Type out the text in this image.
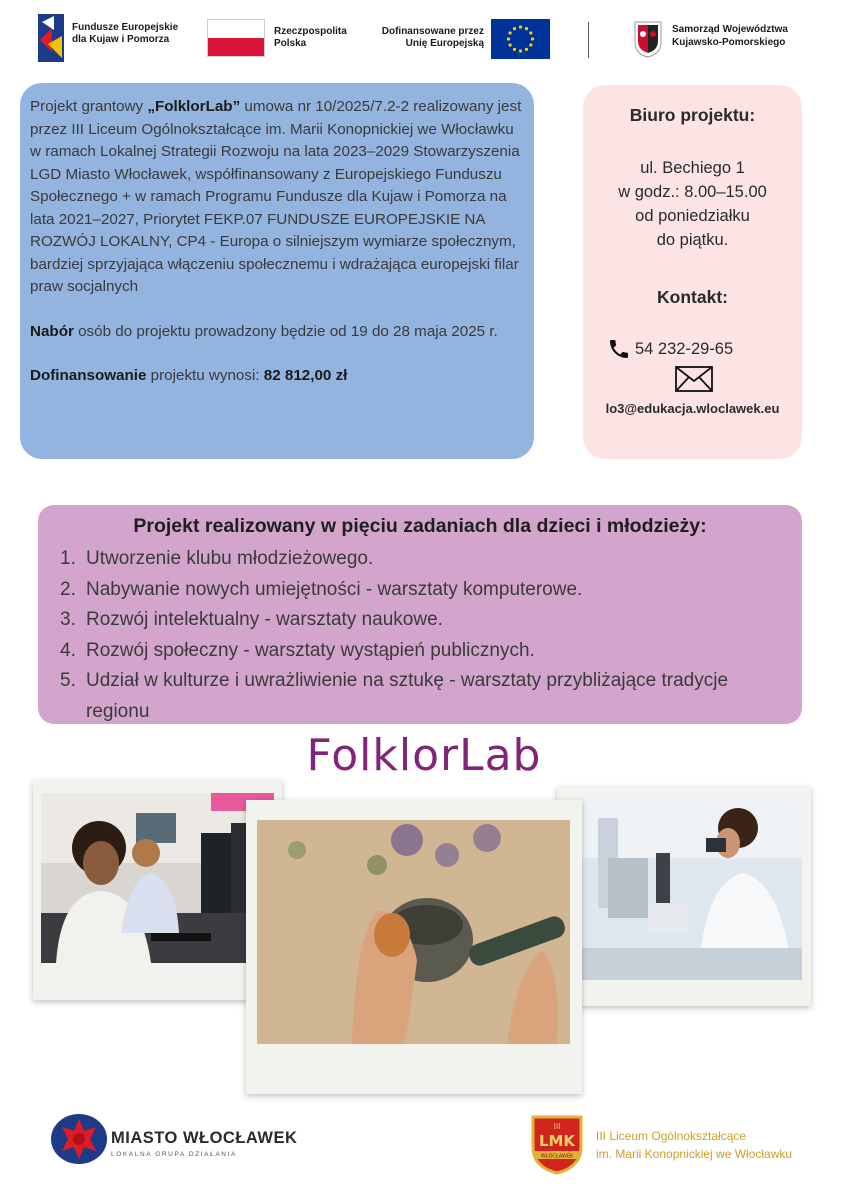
Fundusze Europejskie
dla Kujaw i Pomorza
Rzeczpospolita
Polska
Dofinansowane przez
Unię Europejską
Samorząd Województwa
Kujawsko-Pomorskiego

Projekt grantowy „FolklorLab” umowa nr 10/2025/7.2-2 realizowany jest przez III Liceum Ogólnokształcące im. Marii Konopnickiej we Włocławku w ramach Lokalnej Strategii Rozwoju na lata 2023–2029 Stowarzyszenia LGD Miasto Włocławek, współfinansowany z Europejskiego Funduszu Społecznego + w ramach Programu Fundusze dla Kujaw i Pomorza na lata 2021–2027, Priorytet FEKP.07 FUNDUSZE EUROPEJSKIE NA ROZWÓJ LOKALNY, CP4 - Europa o silniejszym wymiarze społecznym, bardziej sprzyjająca włączeniu społecznemu i wdrażająca europejski filar praw socjalnych

Nabór osób do projektu prowadzony będzie od 19 do 28 maja 2025 r.

Dofinansowanie projektu wynosi: 82 812,00 zł

Biuro projektu:
ul. Bechiego 1
w godz.: 8.00–15.00
od poniedziałku
do piątku.
Kontakt:
54 232-29-65
lo3@edukacja.wloclawek.eu
Projekt realizowany w pięciu zadaniach dla dzieci i młodzieży:
1. Utworzenie klubu młodzieżowego.
2. Nabywanie nowych umiejętności - warsztaty komputerowe.
3. Rozwój intelektualny - warsztaty naukowe.
4. Rozwój społeczny - warsztaty wystąpień publicznych.
5. Udział w kulturze i uwrażliwienie na sztukę - warsztaty przybliżające tradycje regionu
FolklorLab
MIASTO WŁOCŁAWEK
LOKALNA GRUPA DZIAŁANIA
III
LMK
WŁOCŁAWEK
III Liceum Ogólnokształcące
im. Marii Konopnickiej we Włocławku
